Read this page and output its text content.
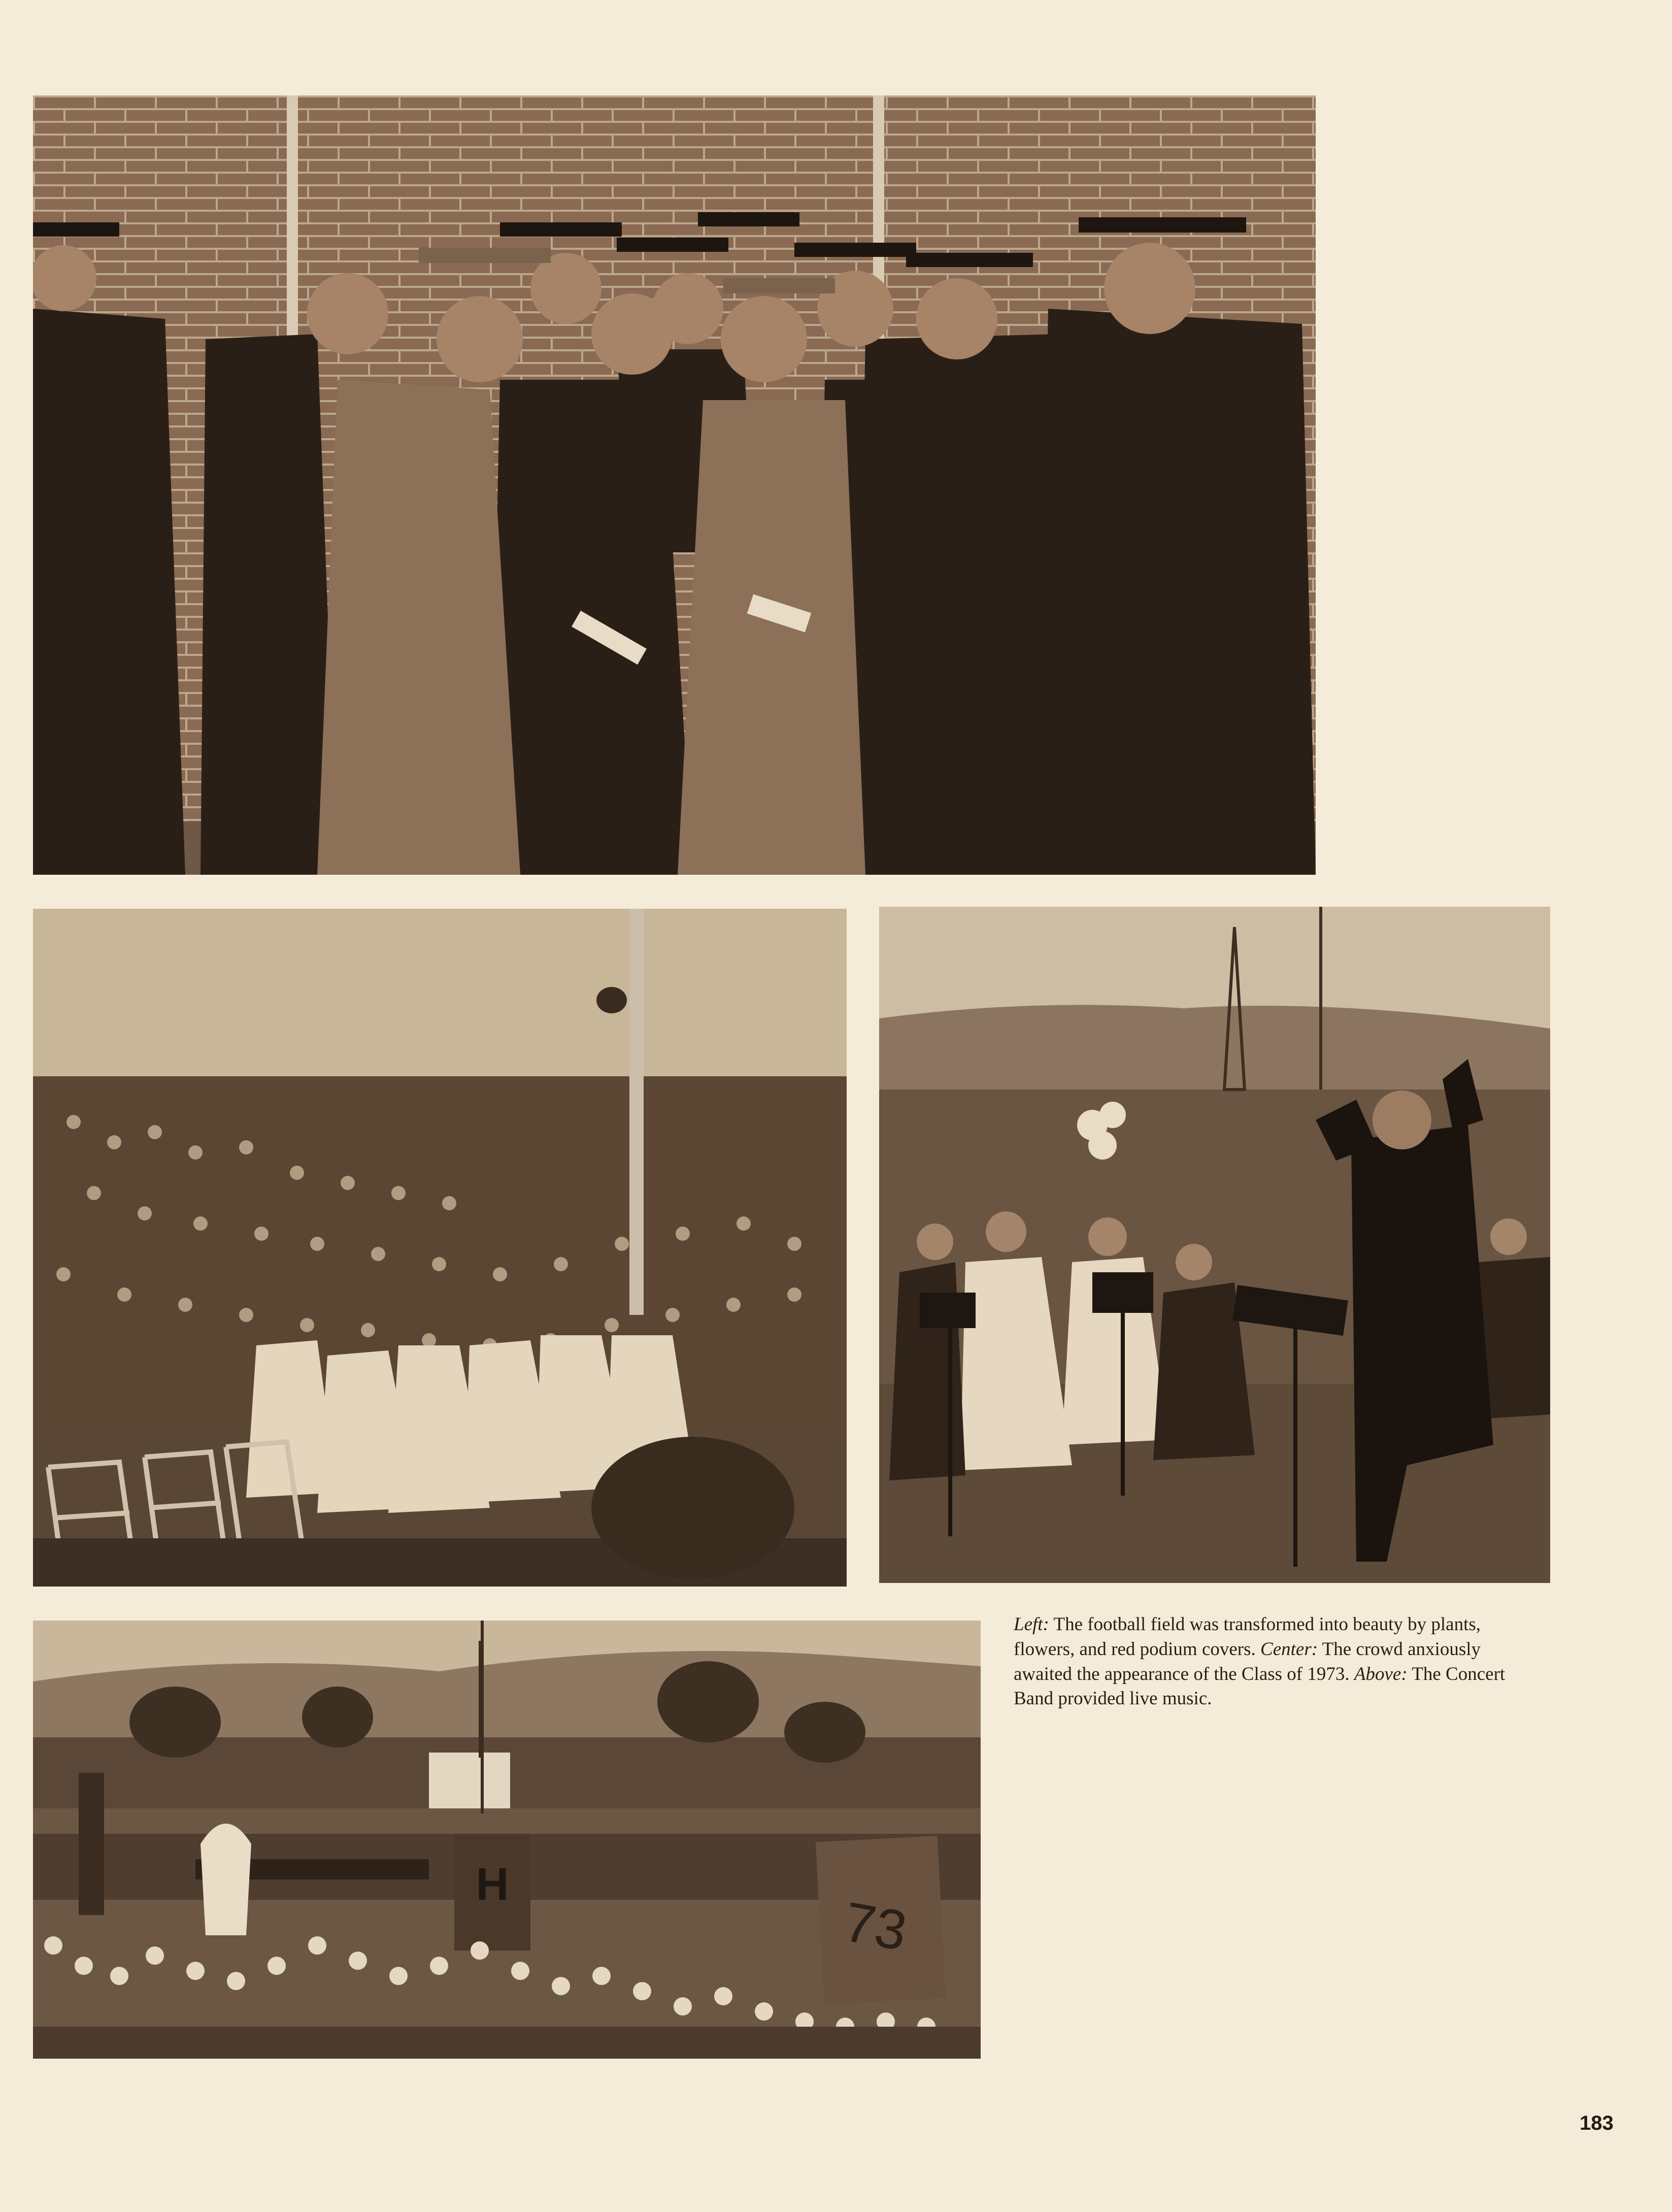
H
73
Left: The football field was transformed into beauty by plants, flowers, and red podium covers. Center: The crowd anxiously awaited the appearance of the Class of 1973. Above: The Concert Band provided live music.
183
